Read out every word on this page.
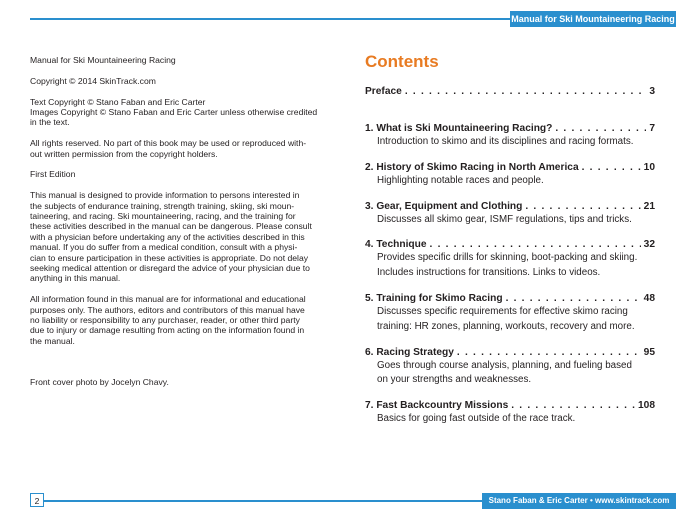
Manual for Ski Mountaineering Racing

Manual for Ski Mountaineering Racing

Copyright © 2014 SkinTrack.com

Text Copyright © Stano Faban and Eric Carter
Images Copyright © Stano Faban and Eric Carter unless otherwise credited
in the text.

All rights reserved. No part of this book may be used or reproduced with-
out written permission from the copyright holders.

First Edition

This manual is designed to provide information to persons interested in
the subjects of endurance training, strength training, skiing, ski moun-
taineering, and racing. Ski mountaineering, racing, and the training for
these activities described in the manual can be dangerous. Please consult
with a physician before undertaking any of the activities described in this
manual. If you do suffer from a medical condition, consult with a physi-
cian to ensure participation in these activities is appropriate. Do not delay
seeking medical attention or disregard the advice of your physician due to
anything in this manual.

All information found in this manual are for informational and educational
purposes only. The authors, editors and contributors of this manual have
no liability or responsibility to any purchaser, reader, or other third party
due to injury or damage resulting from acting on the information found in
the manual.

Front cover photo by Jocelyn Chavy.

Contents
Preface . . .	3
1. What is Ski Mountaineering Racing? . . .	7
Introduction to skimo and its disciplines and racing formats.
2. History of Skimo Racing in North America . . .	10
Highlighting notable races and people.
3. Gear, Equipment and Clothing . . .	21
Discusses all skimo gear, ISMF regulations, tips and tricks.
4. Technique . . .	32
Provides specific drills for skinning, boot-packing and skiing.
Includes instructions for transitions. Links to videos.
5. Training for Skimo Racing . . .	48
Discusses specific requirements for effective skimo racing
training: HR zones, planning, workouts, recovery and more.
6. Racing Strategy . . .	95
Goes through course analysis, planning, and fueling based
on your strengths and weaknesses.
7. Fast Backcountry Missions . . .	108
Basics for going fast outside of the race track.
2	Stano Faban & Eric Carter • www.skintrack.com
